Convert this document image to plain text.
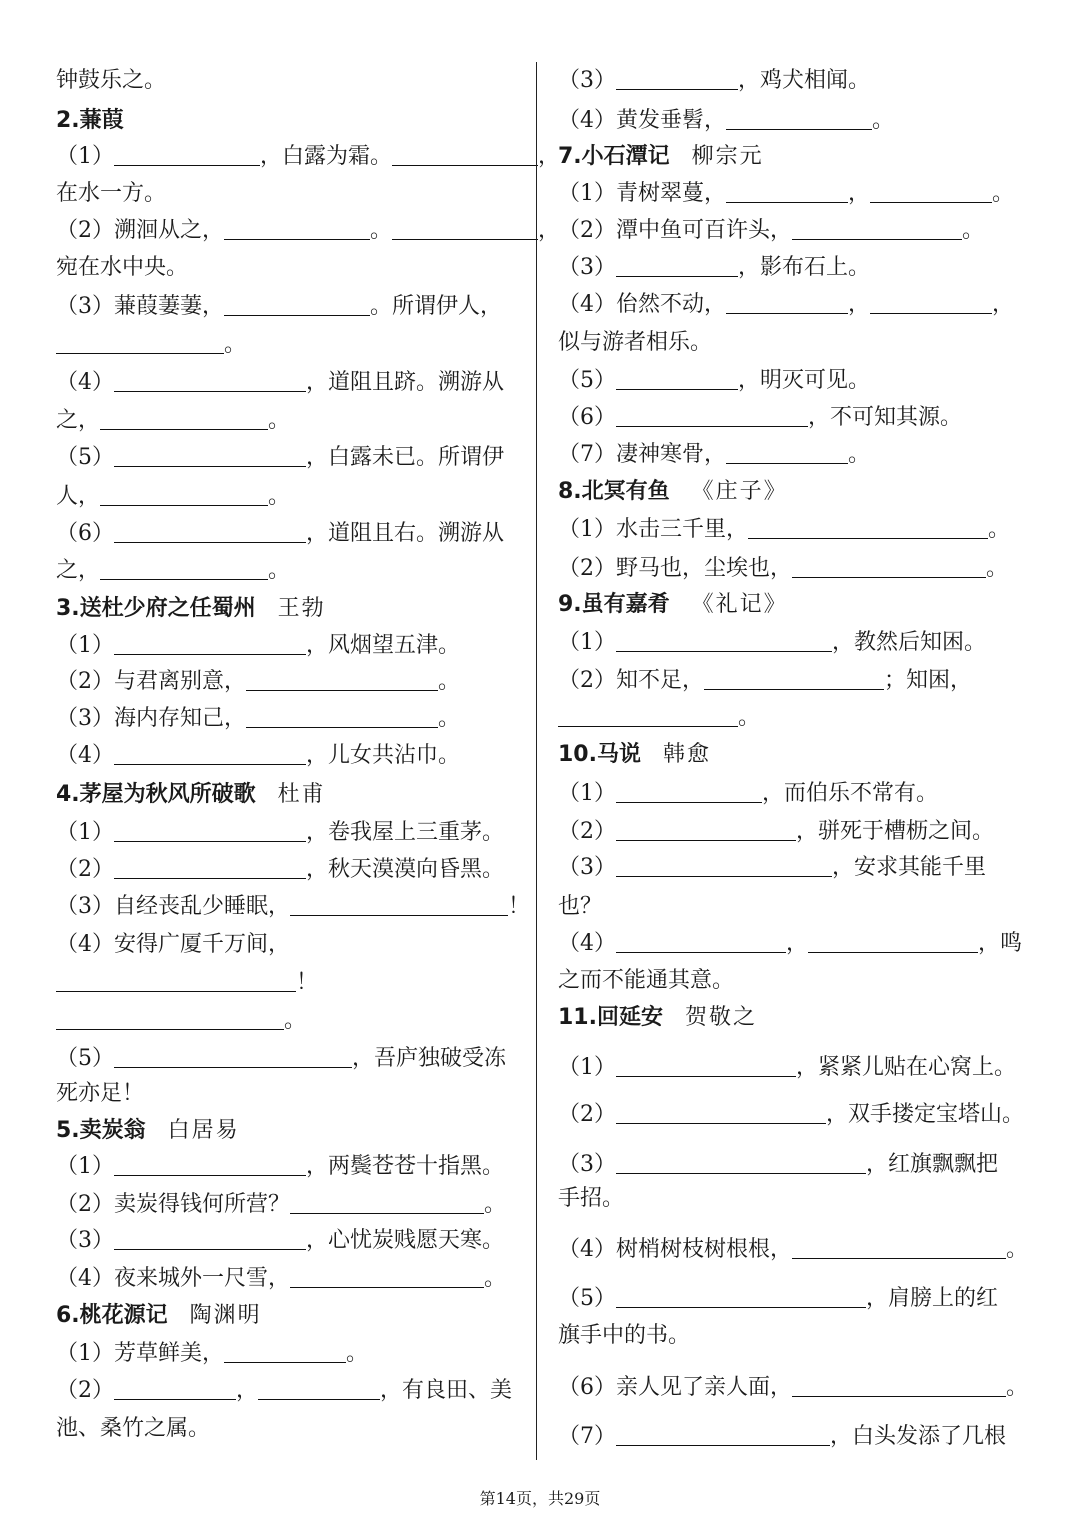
钟鼓乐之。
2.蒹葭
（1）	，白露为霜。	，
在水一方。
（2）溯洄从之，	。	，
宛在水中央。
（3）蒹葭萋萋，	。所谓伊人，
。
（4）	，道阻且跻。溯游从
之，	。
（5）	，白露未已。所谓伊
人，	。
（6）	，道阻且右。溯游从
之，	。
3.送杜少府之任蜀州 王勃
（1）	，风烟望五津。
（2）与君离别意，	。
（3）海内存知己，	。
（4）	，儿女共沾巾。
4.茅屋为秋风所破歌 杜甫
（1）	，卷我屋上三重茅。
（2）	，秋天漠漠向昏黑。
（3）自经丧乱少睡眠，	！
（4）安得广厦千万间，
！
。
（5）	，吾庐独破受冻
死亦足！
5.卖炭翁 白居易
（1）	，两鬓苍苍十指黑。
（2）卖炭得钱何所营？	。
（3）	，心忧炭贱愿天寒。
（4）夜来城外一尺雪，	。
6.桃花源记 陶渊明
（1）芳草鲜美，	。
（2）	，	，有良田、美
池、桑竹之属。
（3）	，鸡犬相闻。
（4）黄发垂髫，	。
7.小石潭记 柳宗元
（1）青树翠蔓，	，	。
（2）潭中鱼可百许头，	。
（3）	，影布石上。
（4）佁然不动，	，	，
似与游者相乐。
（5）	，明灭可见。
（6）	，不可知其源。
（7）凄神寒骨，	。
8.北冥有鱼 《庄子》
（1）水击三千里，	。
（2）野马也，尘埃也，	。
9.虽有嘉肴 《礼记》
（1）	，教然后知困。
（2）知不足，	；知困，
。
10.马说 韩愈
（1）	，而伯乐不常有。
（2）	，骈死于槽枥之间。
（3）	，安求其能千里
也？
（4）	，	，鸣
之而不能通其意。
11.回延安 贺敬之
（1）	，紧紧儿贴在心窝上。
（2）	，双手搂定宝塔山。
（3）	，红旗飘飘把
手招。
（4）树梢树枝树根根，	。
（5）	，肩膀上的红
旗手中的书。
（6）亲人见了亲人面，	。
（7）	，白头发添了几根
第14页，共29页
